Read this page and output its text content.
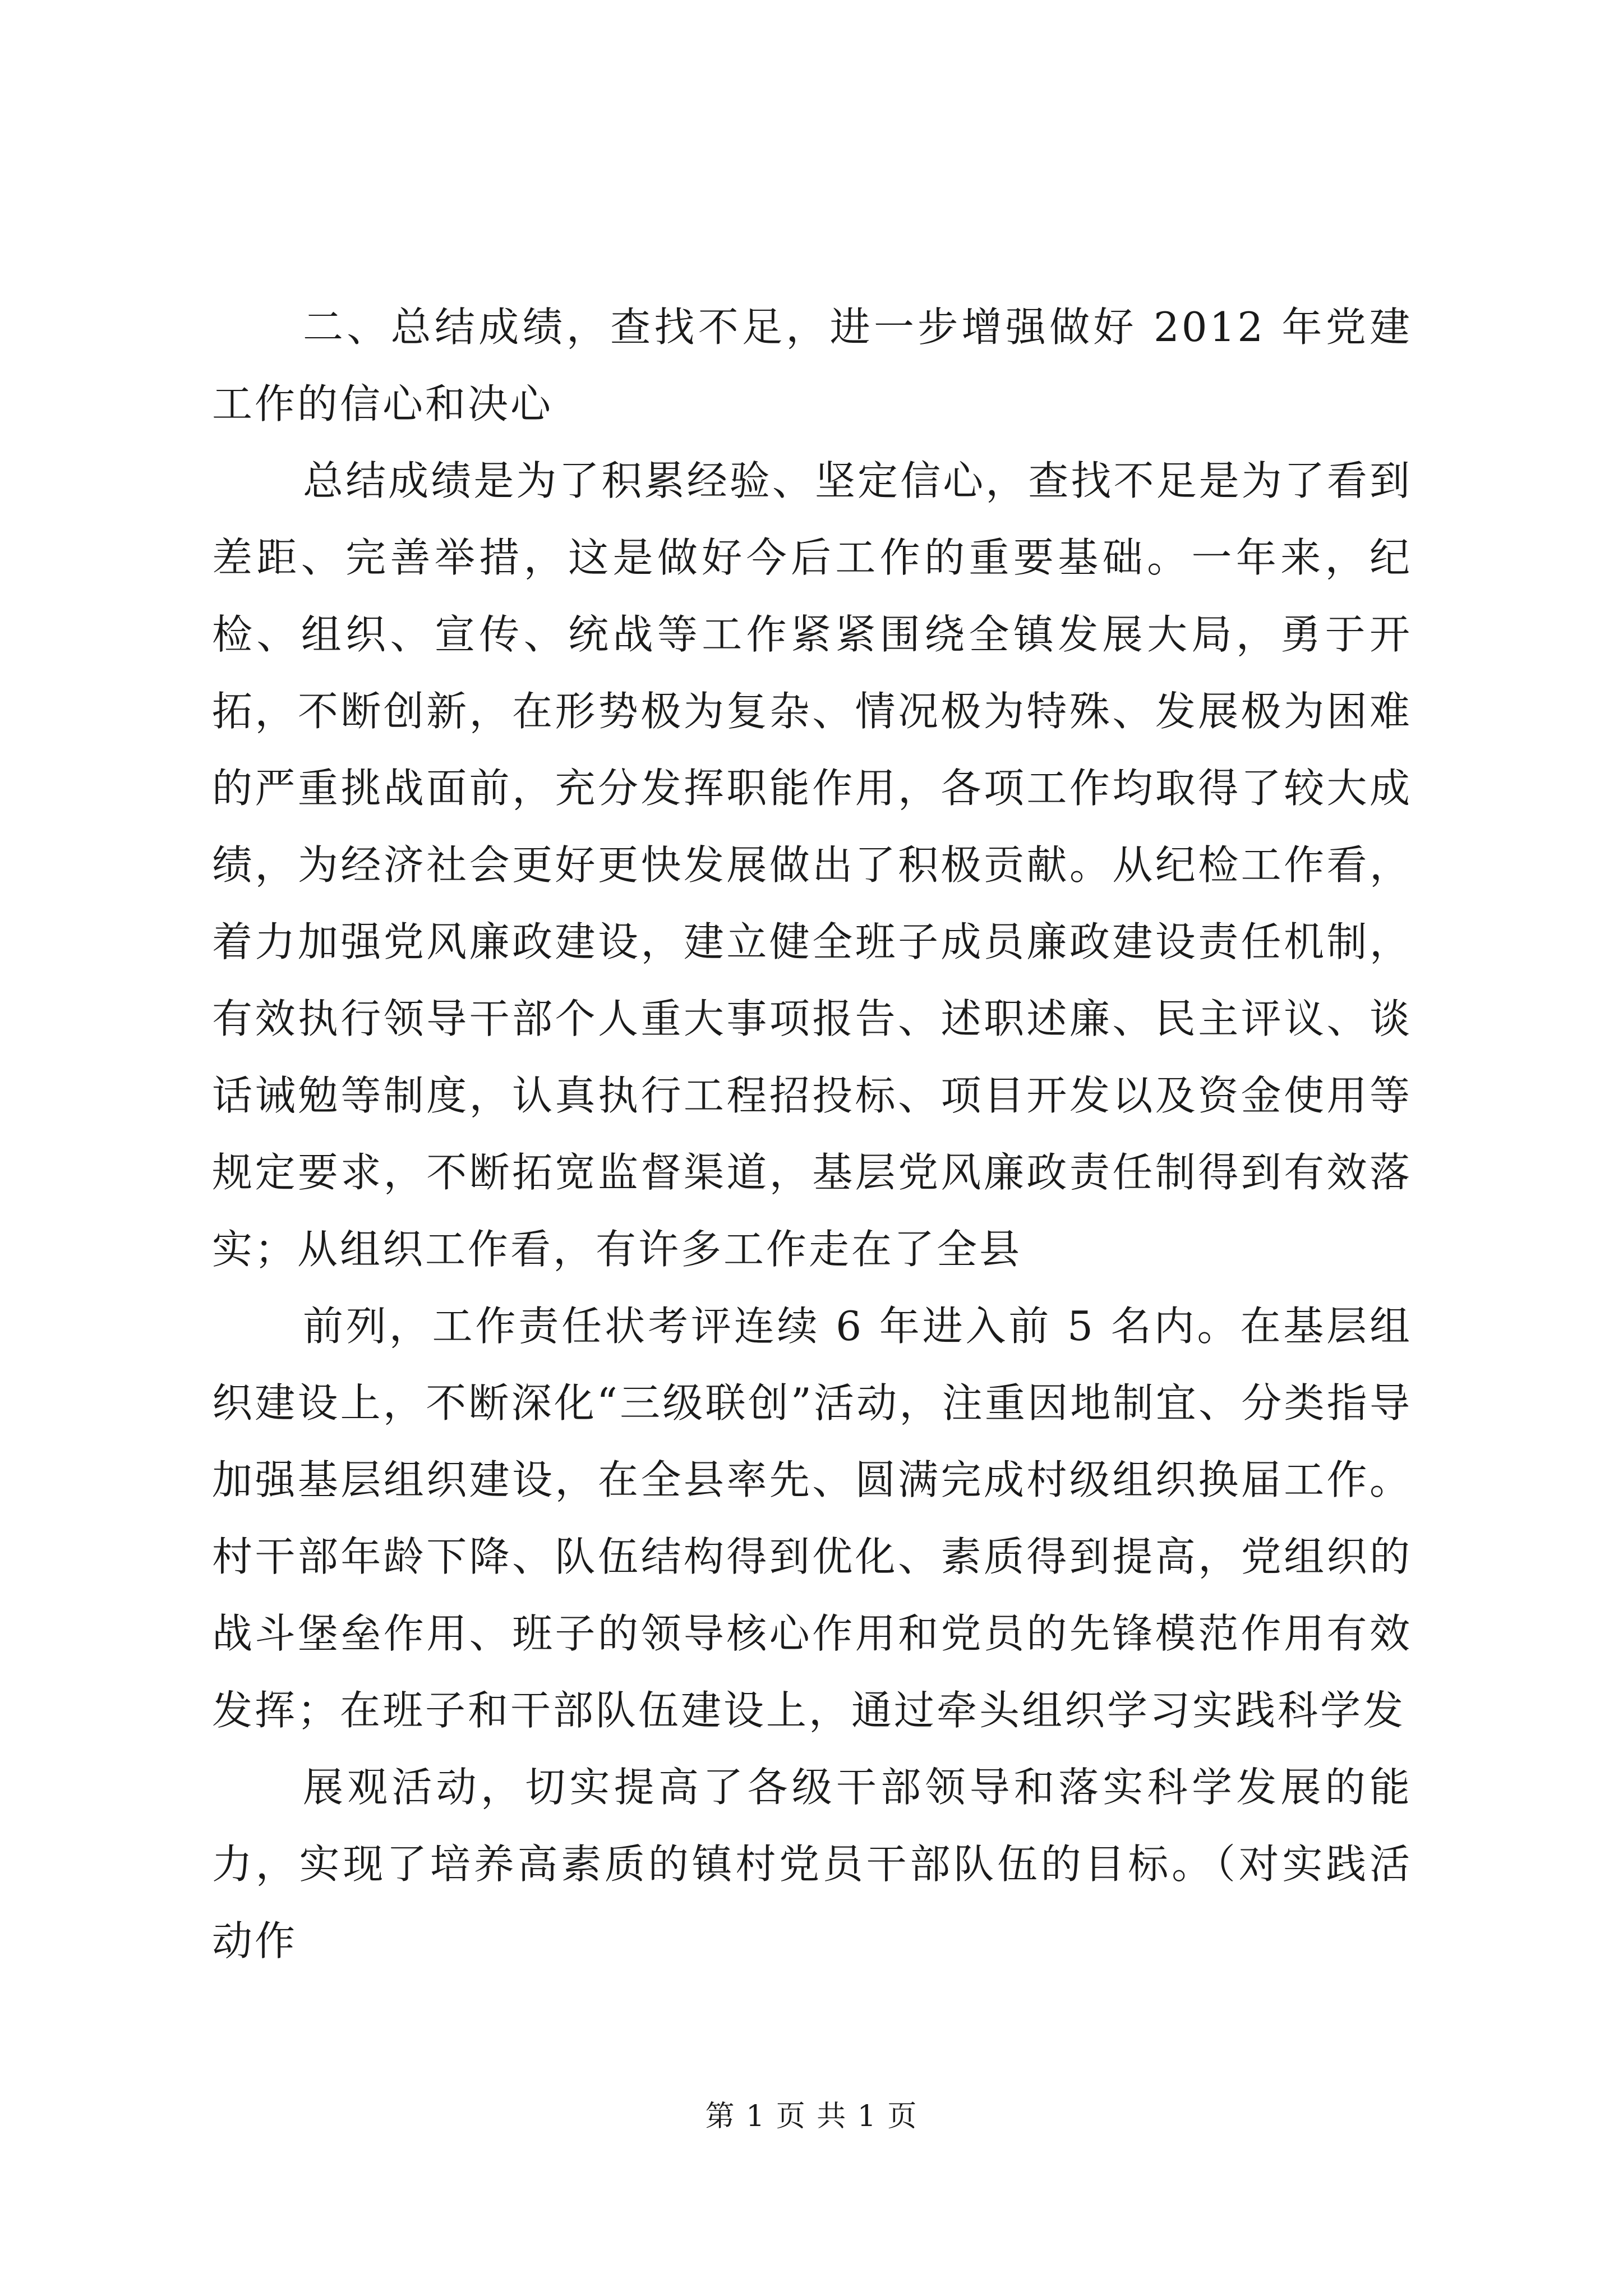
二、总结成绩，查找不足，进一步增强做好 2012 年党建工作的信心和决心

总结成绩是为了积累经验、坚定信心，查找不足是为了看到差距、完善举措，这是做好今后工作的重要基础。一年来，纪检、组织、宣传、统战等工作紧紧围绕全镇发展大局，勇于开拓，不断创新，在形势极为复杂、情况极为特殊、发展极为困难的严重挑战面前，充分发挥职能作用，各项工作均取得了较大成绩，为经济社会更好更快发展做出了积极贡献。从纪检工作看，着力加强党风廉政建设，建立健全班子成员廉政建设责任机制，有效执行领导干部个人重大事项报告、述职述廉、民主评议、谈话诫勉等制度，认真执行工程招投标、项目开发以及资金使用等规定要求，不断拓宽监督渠道，基层党风廉政责任制得到有效落实；从组织工作看，有许多工作走在了全县

前列，工作责任状考评连续 6 年进入前 5 名内。在基层组织建设上，不断深化“三级联创”活动，注重因地制宜、分类指导加强基层组织建设，在全县率先、圆满完成村级组织换届工作。村干部年龄下降、队伍结构得到优化、素质得到提高，党组织的战斗堡垒作用、班子的领导核心作用和党员的先锋模范作用有效发挥；在班子和干部队伍建设上，通过牵头组织学习实践科学发

展观活动，切实提高了各级干部领导和落实科学发展的能力，实现了培养高素质的镇村党员干部队伍的目标。（对实践活动作

第 1 页 共 1 页
